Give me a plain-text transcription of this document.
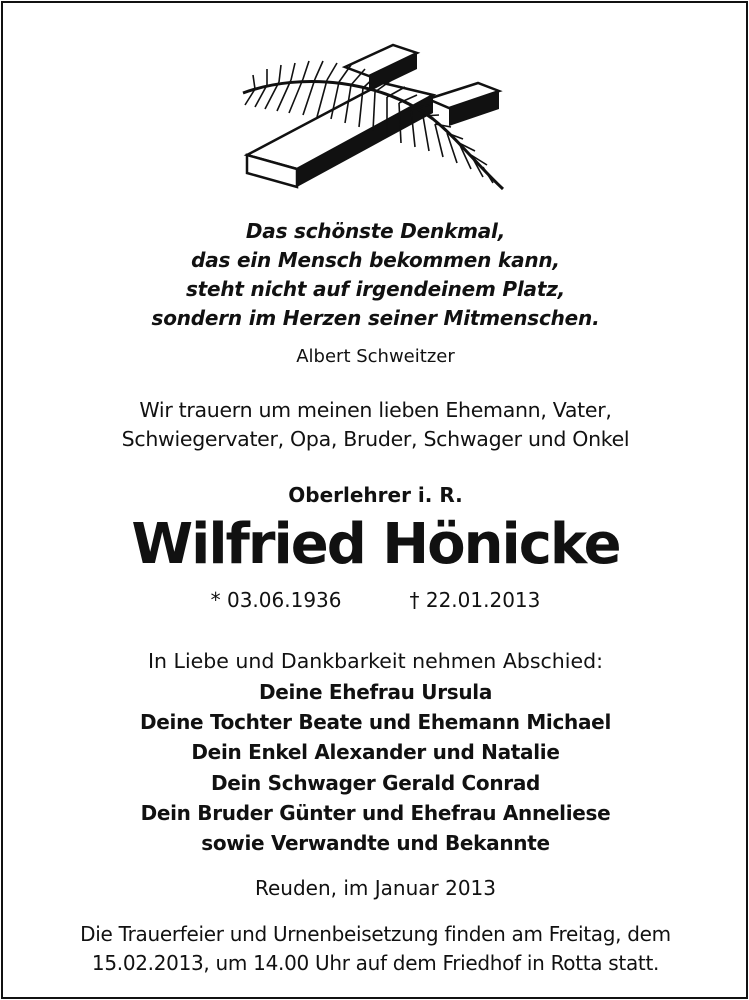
Das schönste Denkmal,
das ein Mensch bekommen kann,
steht nicht auf irgendeinem Platz,
sondern im Herzen seiner Mitmenschen.
Albert Schweitzer
Wir trauern um meinen lieben Ehemann, Vater,
Schwiegervater, Opa, Bruder, Schwager und Onkel
Oberlehrer i. R.
Wilfried Hönicke
* 03.06.1936	† 22.01.2013
In Liebe und Dankbarkeit nehmen Abschied:
Deine Ehefrau Ursula
Deine Tochter Beate und Ehemann Michael
Dein Enkel Alexander und Natalie
Dein Schwager Gerald Conrad
Dein Bruder Günter und Ehefrau Anneliese
sowie Verwandte und Bekannte
Reuden, im Januar 2013
Die Trauerfeier und Urnenbeisetzung finden am Freitag, dem
15.02.2013, um 14.00 Uhr auf dem Friedhof in Rotta statt.
